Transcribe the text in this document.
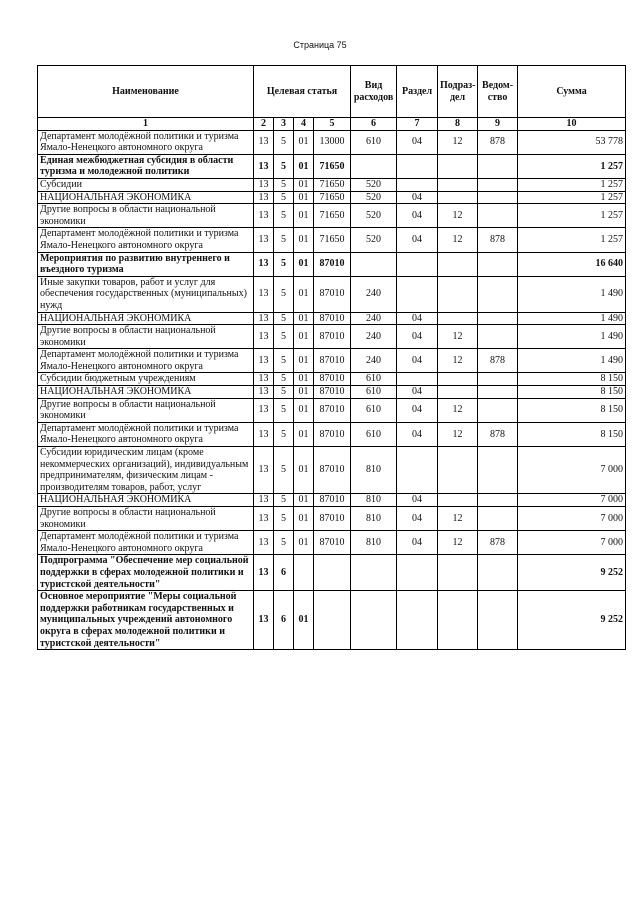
Страница 75
Наименование	Целевая статья				Вид расходов	Раздел	Подраз-дел	Ведом-ство	Сумма
1	2	3	4	5	6	7	8	9	10
Департамент молодёжной политики и туризма Ямало-Ненецкого автономного округа	13	5	01	13000	610	04	12	878	53 778
Единая межбюджетная субсидия в области туризма и молодежной политики	13	5	01	71650					1 257
Субсидии	13	5	01	71650	520				1 257
НАЦИОНАЛЬНАЯ ЭКОНОМИКА	13	5	01	71650	520	04			1 257
Другие вопросы в области национальной экономики	13	5	01	71650	520	04	12		1 257
Департамент молодёжной политики и туризма Ямало-Ненецкого автономного округа	13	5	01	71650	520	04	12	878	1 257
Мероприятия по развитию внутреннего и въездного туризма	13	5	01	87010					16 640
Иные закупки товаров, работ и услуг для обеспечения государственных (муниципальных) нужд	13	5	01	87010	240				1 490
НАЦИОНАЛЬНАЯ ЭКОНОМИКА	13	5	01	87010	240	04			1 490
Другие вопросы в области национальной экономики	13	5	01	87010	240	04	12		1 490
Департамент молодёжной политики и туризма Ямало-Ненецкого автономного округа	13	5	01	87010	240	04	12	878	1 490
Субсидии бюджетным учреждениям	13	5	01	87010	610				8 150
НАЦИОНАЛЬНАЯ ЭКОНОМИКА	13	5	01	87010	610	04			8 150
Другие вопросы в области национальной экономики	13	5	01	87010	610	04	12		8 150
Департамент молодёжной политики и туризма Ямало-Ненецкого автономного округа	13	5	01	87010	610	04	12	878	8 150
Субсидии юридическим лицам (кроме некоммерческих организаций), индивидуальным предпринимателям, физическим лицам - производителям товаров, работ, услуг	13	5	01	87010	810				7 000
НАЦИОНАЛЬНАЯ ЭКОНОМИКА	13	5	01	87010	810	04			7 000
Другие вопросы в области национальной экономики	13	5	01	87010	810	04	12		7 000
Департамент молодёжной политики и туризма Ямало-Ненецкого автономного округа	13	5	01	87010	810	04	12	878	7 000
Подпрограмма "Обеспечение мер социальной поддержки в сферах молодежной политики и туристской деятельности"	13	6							9 252
Основное мероприятие "Меры социальной поддержки работникам государственных и муниципальных учреждений автономного округа в сферах молодежной политики и туристской деятельности"	13	6	01						9 252
